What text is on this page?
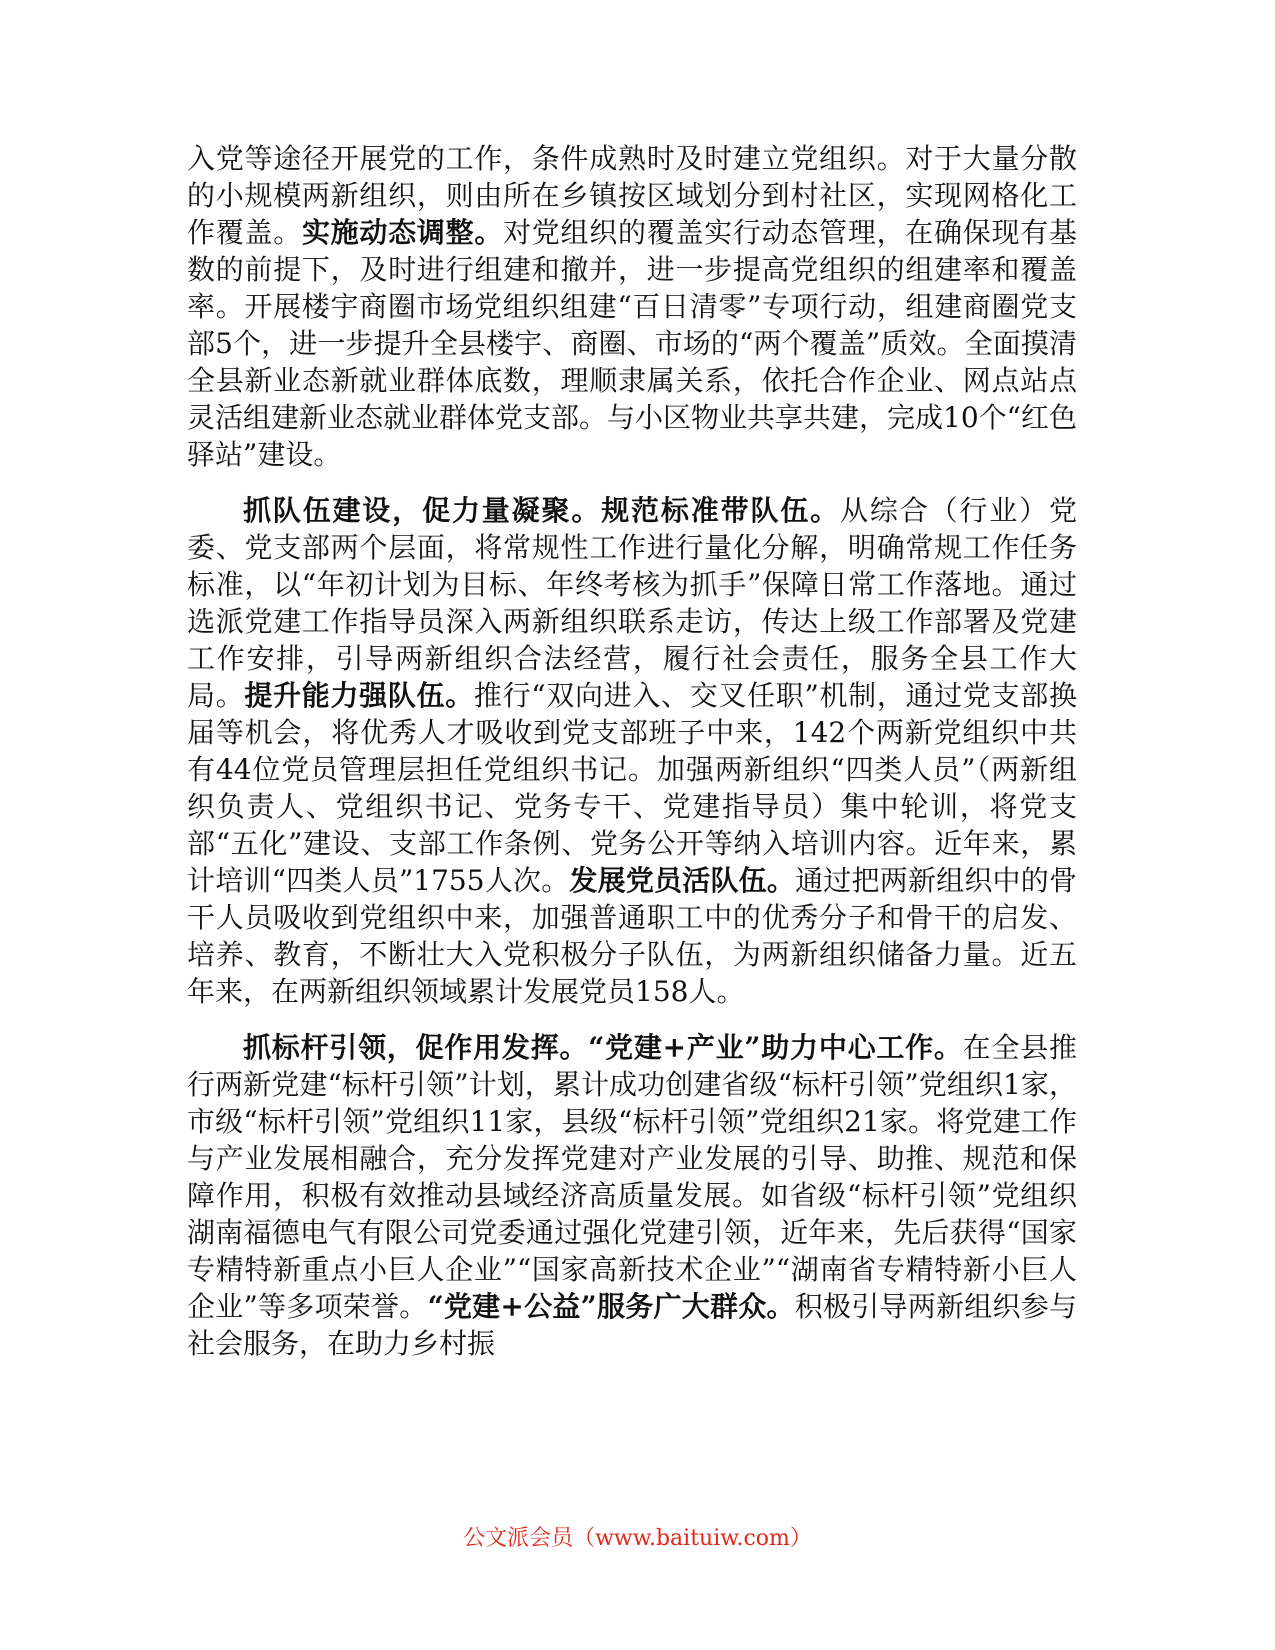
入党等途径开展党的工作，条件成熟时及时建立党组织。对于大量分散的小规模两新组织，则由所在乡镇按区域划分到村社区，实现网格化工作覆盖。实施动态调整。对党组织的覆盖实行动态管理，在确保现有基数的前提下，及时进行组建和撤并，进一步提高党组织的组建率和覆盖率。开展楼宇商圈市场党组织组建“百日清零”专项行动，组建商圈党支部5个，进一步提升全县楼宇、商圈、市场的“两个覆盖”质效。全面摸清全县新业态新就业群体底数，理顺隶属关系，依托合作企业、网点站点灵活组建新业态就业群体党支部。与小区物业共享共建，完成10个“红色驿站”建设。

抓队伍建设，促力量凝聚。规范标准带队伍。从综合（行业）党委、党支部两个层面，将常规性工作进行量化分解，明确常规工作任务标准，以“年初计划为目标、年终考核为抓手”保障日常工作落地。通过选派党建工作指导员深入两新组织联系走访，传达上级工作部署及党建工作安排，引导两新组织合法经营，履行社会责任，服务全县工作大局。提升能力强队伍。推行“双向进入、交叉任职”机制，通过党支部换届等机会，将优秀人才吸收到党支部班子中来，142个两新党组织中共有44位党员管理层担任党组织书记。加强两新组织“四类人员”（两新组织负责人、党组织书记、党务专干、党建指导员）集中轮训，将党支部“五化”建设、支部工作条例、党务公开等纳入培训内容。近年来，累计培训“四类人员”1755人次。发展党员活队伍。通过把两新组织中的骨干人员吸收到党组织中来，加强普通职工中的优秀分子和骨干的启发、培养、教育，不断壮大入党积极分子队伍，为两新组织储备力量。近五年来，在两新组织领域累计发展党员158人。

抓标杆引领，促作用发挥。“党建+产业”助力中心工作。在全县推行两新党建“标杆引领”计划，累计成功创建省级“标杆引领”党组织1家，市级“标杆引领”党组织11家，县级“标杆引领”党组织21家。将党建工作与产业发展相融合，充分发挥党建对产业发展的引导、助推、规范和保障作用，积极有效推动县域经济高质量发展。如省级“标杆引领”党组织湖南福德电气有限公司党委通过强化党建引领，近年来，先后获得“国家专精特新重点小巨人企业”“国家高新技术企业”“湖南省专精特新小巨人企业”等多项荣誉。“党建+公益”服务广大群众。积极引导两新组织参与社会服务，在助力乡村振

公文派会员（www.baituiw.com）
